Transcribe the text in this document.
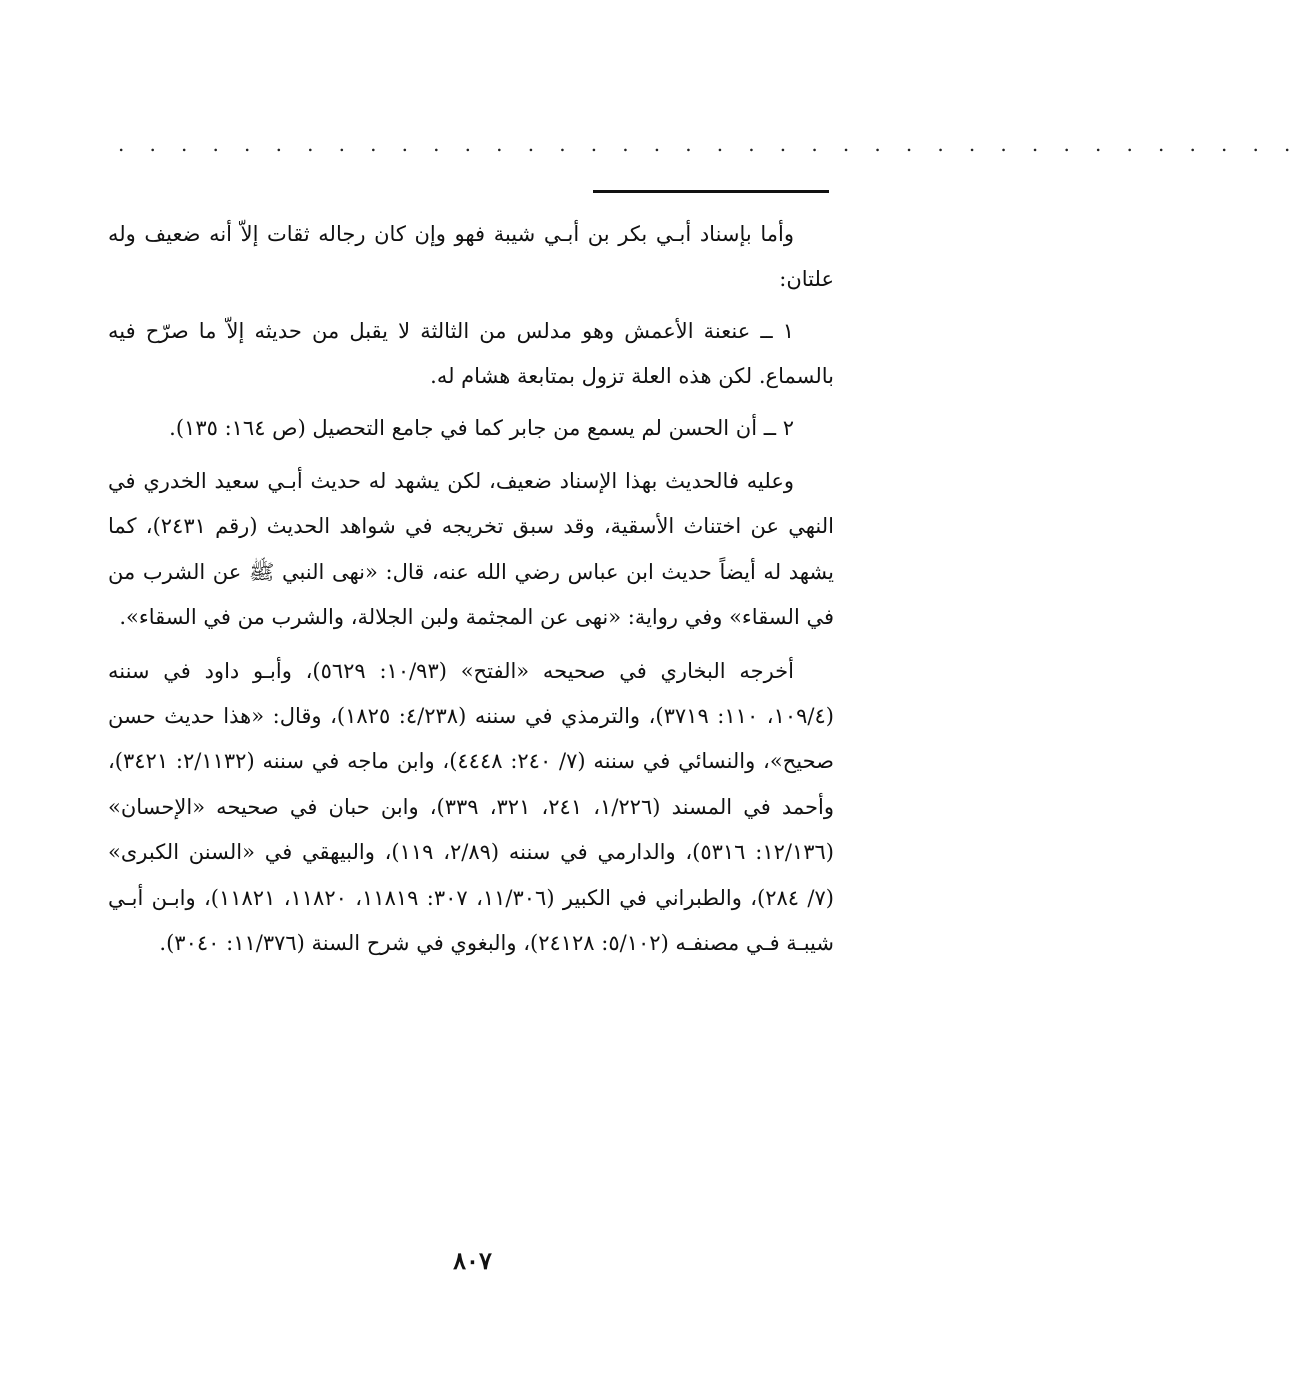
. . . . . . . . . . . . . . . . . . . . . . . . . . . . . . . . . . . . . .

وأما بإسناد أبـي بكر بن أبـي شيبة فهو وإن كان رجاله ثقات إلاّ أنه ضعيف وله علتان:

١ ــ عنعنة الأعمش وهو مدلس من الثالثة لا يقبل من حديثه إلاّ ما صرّح فيه بالسماع. لكن هذه العلة تزول بمتابعة هشام له.

٢ ــ أن الحسن لم يسمع من جابر كما في جامع التحصيل (ص ١٦٤: ١٣٥).

وعليه فالحديث بهذا الإسناد ضعيف، لكن يشهد له حديث أبـي سعيد الخدري في النهي عن اختناث الأسقية، وقد سبق تخريجه في شواهد الحديث (رقم ٢٤٣١)، كما يشهد له أيضاً حديث ابن عباس رضي الله عنه، قال: «نهى النبي ﷺ عن الشرب من في السقاء» وفي رواية: «نهى عن المجثمة ولبن الجلالة، والشرب من في السقاء».

أخرجه البخاري في صحيحه «الفتح» (١٠/٩٣: ٥٦٢٩)، وأبـو داود في سننه (١٠٩/٤، ١١٠: ٣٧١٩)، والترمذي في سننه (٤/٢٣٨: ١٨٢٥)، وقال: «هذا حديث حسن صحيح»، والنسائي في سننه (٧/ ٢٤٠: ٤٤٤٨)، وابن ماجه في سننه (٢/١١٣٢: ٣٤٢١)، وأحمد في المسند (١/٢٢٦، ٢٤١، ٣٢١، ٣٣٩)، وابن حبان في صحيحه «الإحسان» (١٢/١٣٦: ٥٣١٦)، والدارمي في سننه (٢/٨٩، ١١٩)، والبيهقي في «السنن الكبرى» (٧/ ٢٨٤)، والطبراني في الكبير (١١/٣٠٦، ٣٠٧: ١١٨١٩، ١١٨٢٠، ١١٨٢١)، وابـن أبـي شيبـة فـي مصنفـه (٥/١٠٢: ٢٤١٢٨)، والبغوي في شرح السنة (١١/٣٧٦: ٣٠٤٠).

٨٠٧
